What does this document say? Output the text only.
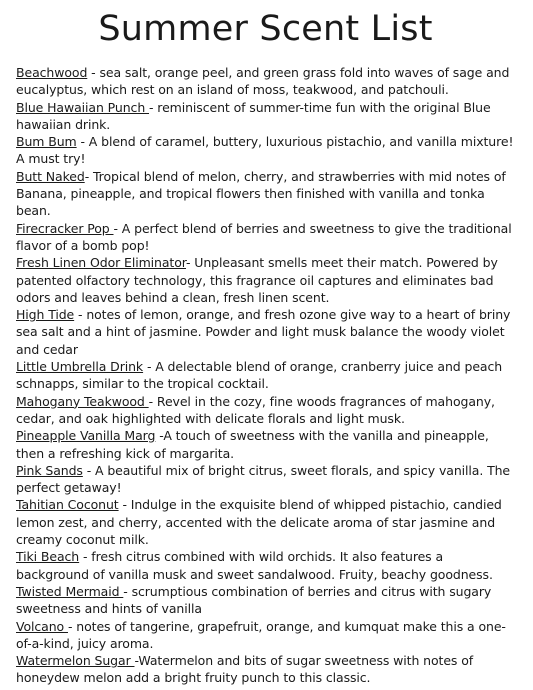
Summer Scent List

Beachwood - sea salt, orange peel, and green grass fold into waves of sage and eucalyptus, which rest on an island of moss, teakwood, and patchouli.

Blue Hawaiian Punch - reminiscent of summer-time fun with the original Blue hawaiian drink.

Bum Bum - A blend of caramel, buttery, luxurious pistachio, and vanilla mixture! A must try!

Butt Naked- Tropical blend of melon, cherry, and strawberries with mid notes of Banana, pineapple, and tropical flowers then finished with vanilla and tonka bean.

Firecracker Pop - A perfect blend of berries and sweetness to give the traditional flavor of a bomb pop!

Fresh Linen Odor Eliminator- Unpleasant smells meet their match. Powered by patented olfactory technology, this fragrance oil captures and eliminates bad odors and leaves behind a clean, fresh linen scent.

High Tide - notes of lemon, orange, and fresh ozone give way to a heart of briny sea salt and a hint of jasmine. Powder and light musk balance the woody violet and cedar

Little Umbrella Drink - A delectable blend of orange, cranberry juice and peach schnapps, similar to the tropical cocktail.

Mahogany Teakwood - Revel in the cozy, fine woods fragrances of mahogany, cedar, and oak highlighted with delicate florals and light musk.

Pineapple Vanilla Marg -A touch of sweetness with the vanilla and pineapple, then a refreshing kick of margarita.

Pink Sands - A beautiful mix of bright citrus, sweet florals, and spicy vanilla. The perfect getaway!

Tahitian Coconut - Indulge in the exquisite blend of whipped pistachio, candied lemon zest, and cherry, accented with the delicate aroma of star jasmine and creamy coconut milk.

Tiki Beach - fresh citrus combined with wild orchids. It also features a background of vanilla musk and sweet sandalwood. Fruity, beachy goodness.

Twisted Mermaid - scrumptious combination of berries and citrus with sugary sweetness and hints of vanilla

Volcano - notes of tangerine, grapefruit, orange, and kumquat make this a one-of-a-kind, juicy aroma.

Watermelon Sugar -Watermelon and bits of sugar sweetness with notes of honeydew melon add a bright fruity punch to this classic.
